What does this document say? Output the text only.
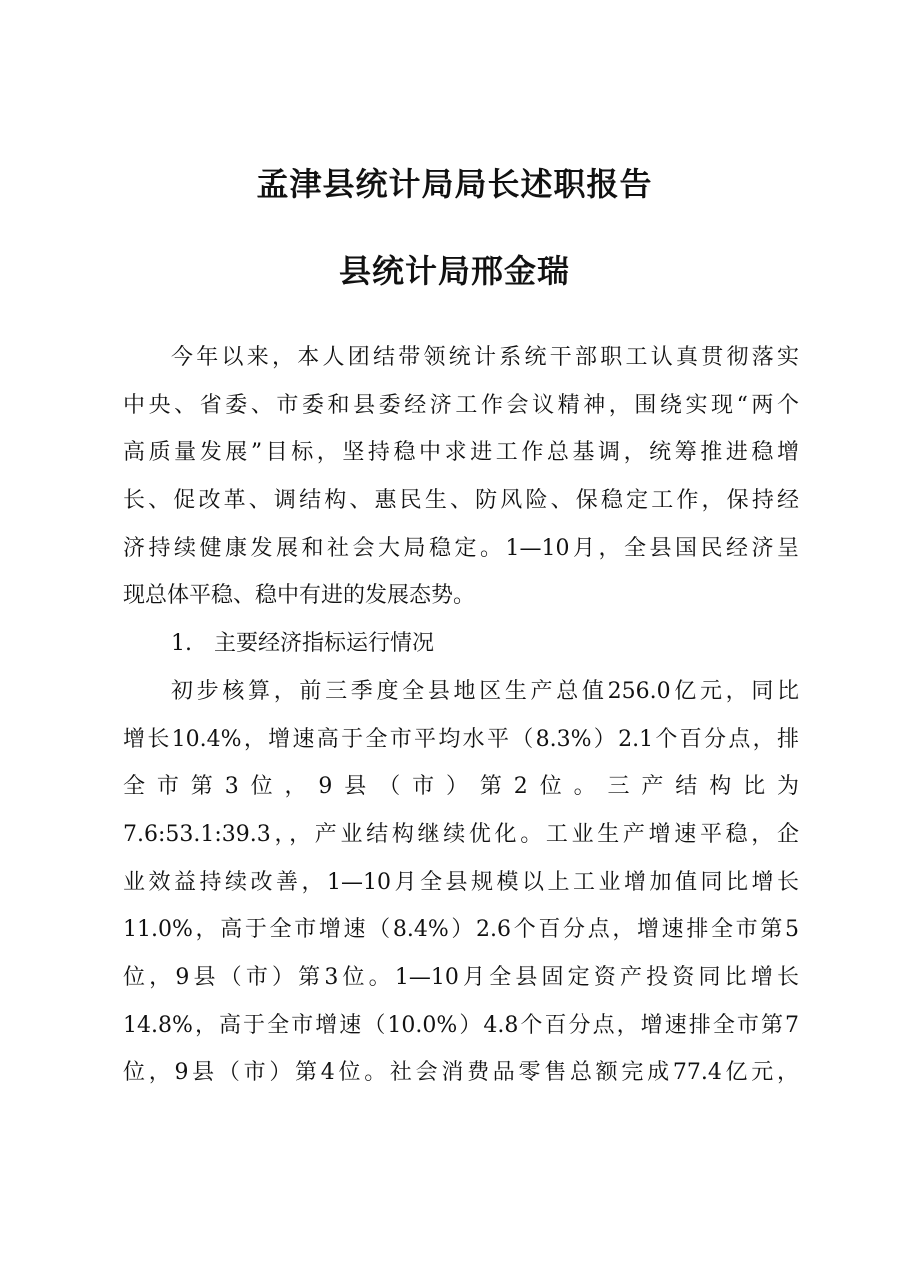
孟津县统计局局长述职报告
县统计局邢金瑞
今年以来，本人团结带领统计系统干部职工认真贯彻落实
中央、省委、市委和县委经济工作会议精神，围绕实现“两个
高质量发展”目标，坚持稳中求进工作总基调，统筹推进稳增
长、促改革、调结构、惠民生、防风险、保稳定工作，保持经
济持续健康发展和社会大局稳定。1—10月，全县国民经济呈
现总体平稳、稳中有进的发展态势。
1.　主要经济指标运行情况
初步核算，前三季度全县地区生产总值256.0亿元，同比
增长10.4%，增速高于全市平均水平（8.3%）2.1个百分点，排
全市第3位，9县（市）第2位。三产结构比为
7.6:53.1:39.3，，产业结构继续优化。工业生产增速平稳，企
业效益持续改善，1—10月全县规模以上工业增加值同比增长
11.0%，高于全市增速（8.4%）2.6个百分点，增速排全市第5
位，9县（市）第3位。1—10月全县固定资产投资同比增长
14.8%，高于全市增速（10.0%）4.8个百分点，增速排全市第7
位，9县（市）第4位。社会消费品零售总额完成77.4亿元，
